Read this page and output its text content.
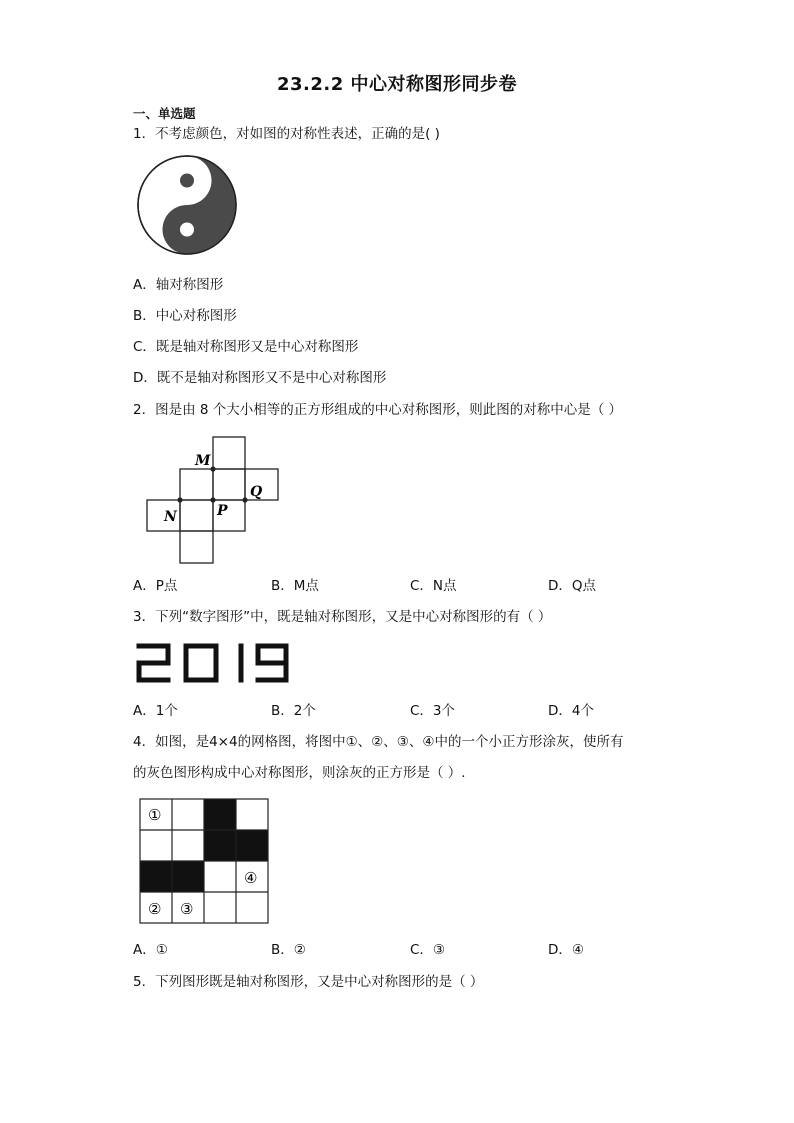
23.2.2 中心对称图形同步卷
一、单选题
1．不考虑颜色，对如图的对称性表述，正确的是( )
A．轴对称图形
B．中心对称图形
C．既是轴对称图形又是中心对称图形
D．既不是轴对称图形又不是中心对称图形
2．图是由 8 个大小相等的正方形组成的中心对称图形，则此图的对称中心是（ ）
M
Q
N	P
A．P点	B．M点	C．N点	D．Q点
3．下列“数字图形”中，既是轴对称图形，又是中心对称图形的有（ ）
A．1个	B．2个	C．3个	D．4个
4．如图，是4×4的网格图，将图中①、②、③、④中的一个小正方形涂灰，使所有
的灰色图形构成中心对称图形，则涂灰的正方形是（ ）.
①
④
② ③
A．①	B．②	C．③	D．④
5．下列图形既是轴对称图形，又是中心对称图形的是（ ）
